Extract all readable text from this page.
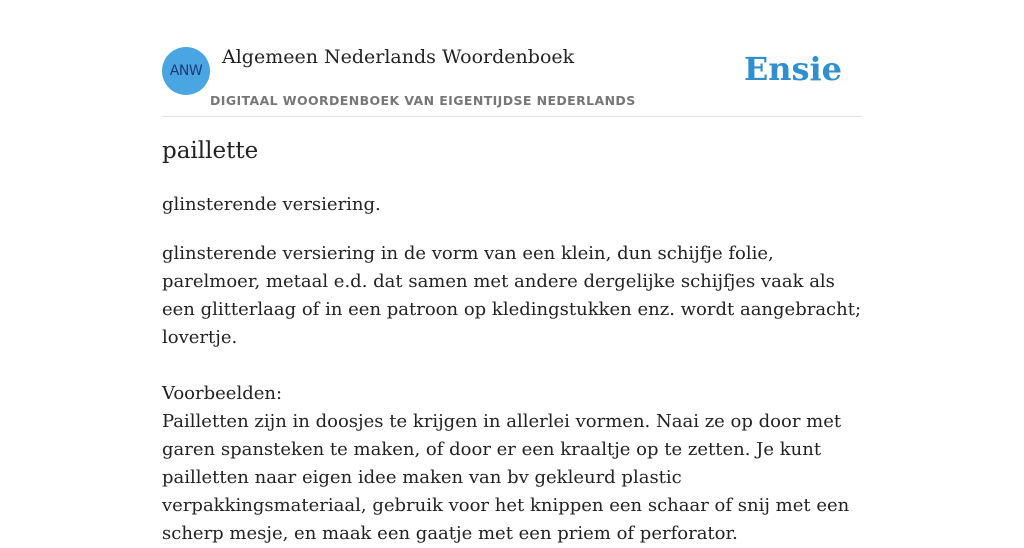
ANW
Algemeen Nederlands Woordenboek
DIGITAAL WOORDENBOEK VAN EIGENTIJDSE NEDERLANDS
Ensie
paillette
glinsterende versiering.

glinsterende versiering in de vorm van een klein, dun schijfje folie, parelmoer, metaal e.d. dat samen met andere dergelijke schijfjes vaak als een glitterlaag of in een patroon op kledingstukken enz. wordt aangebracht; lovertje.

Voorbeelden:

Pailletten zijn in doosjes te krijgen in allerlei vormen. Naai ze op door met garen spansteken te maken, of door er een kraaltje op te zetten. Je kunt pailletten naar eigen idee maken van bv gekleurd plastic verpakkingsmateriaal, gebruik voor het knippen een schaar of snij met een scherp mesje, en maak een gaatje met een priem of perforator.
